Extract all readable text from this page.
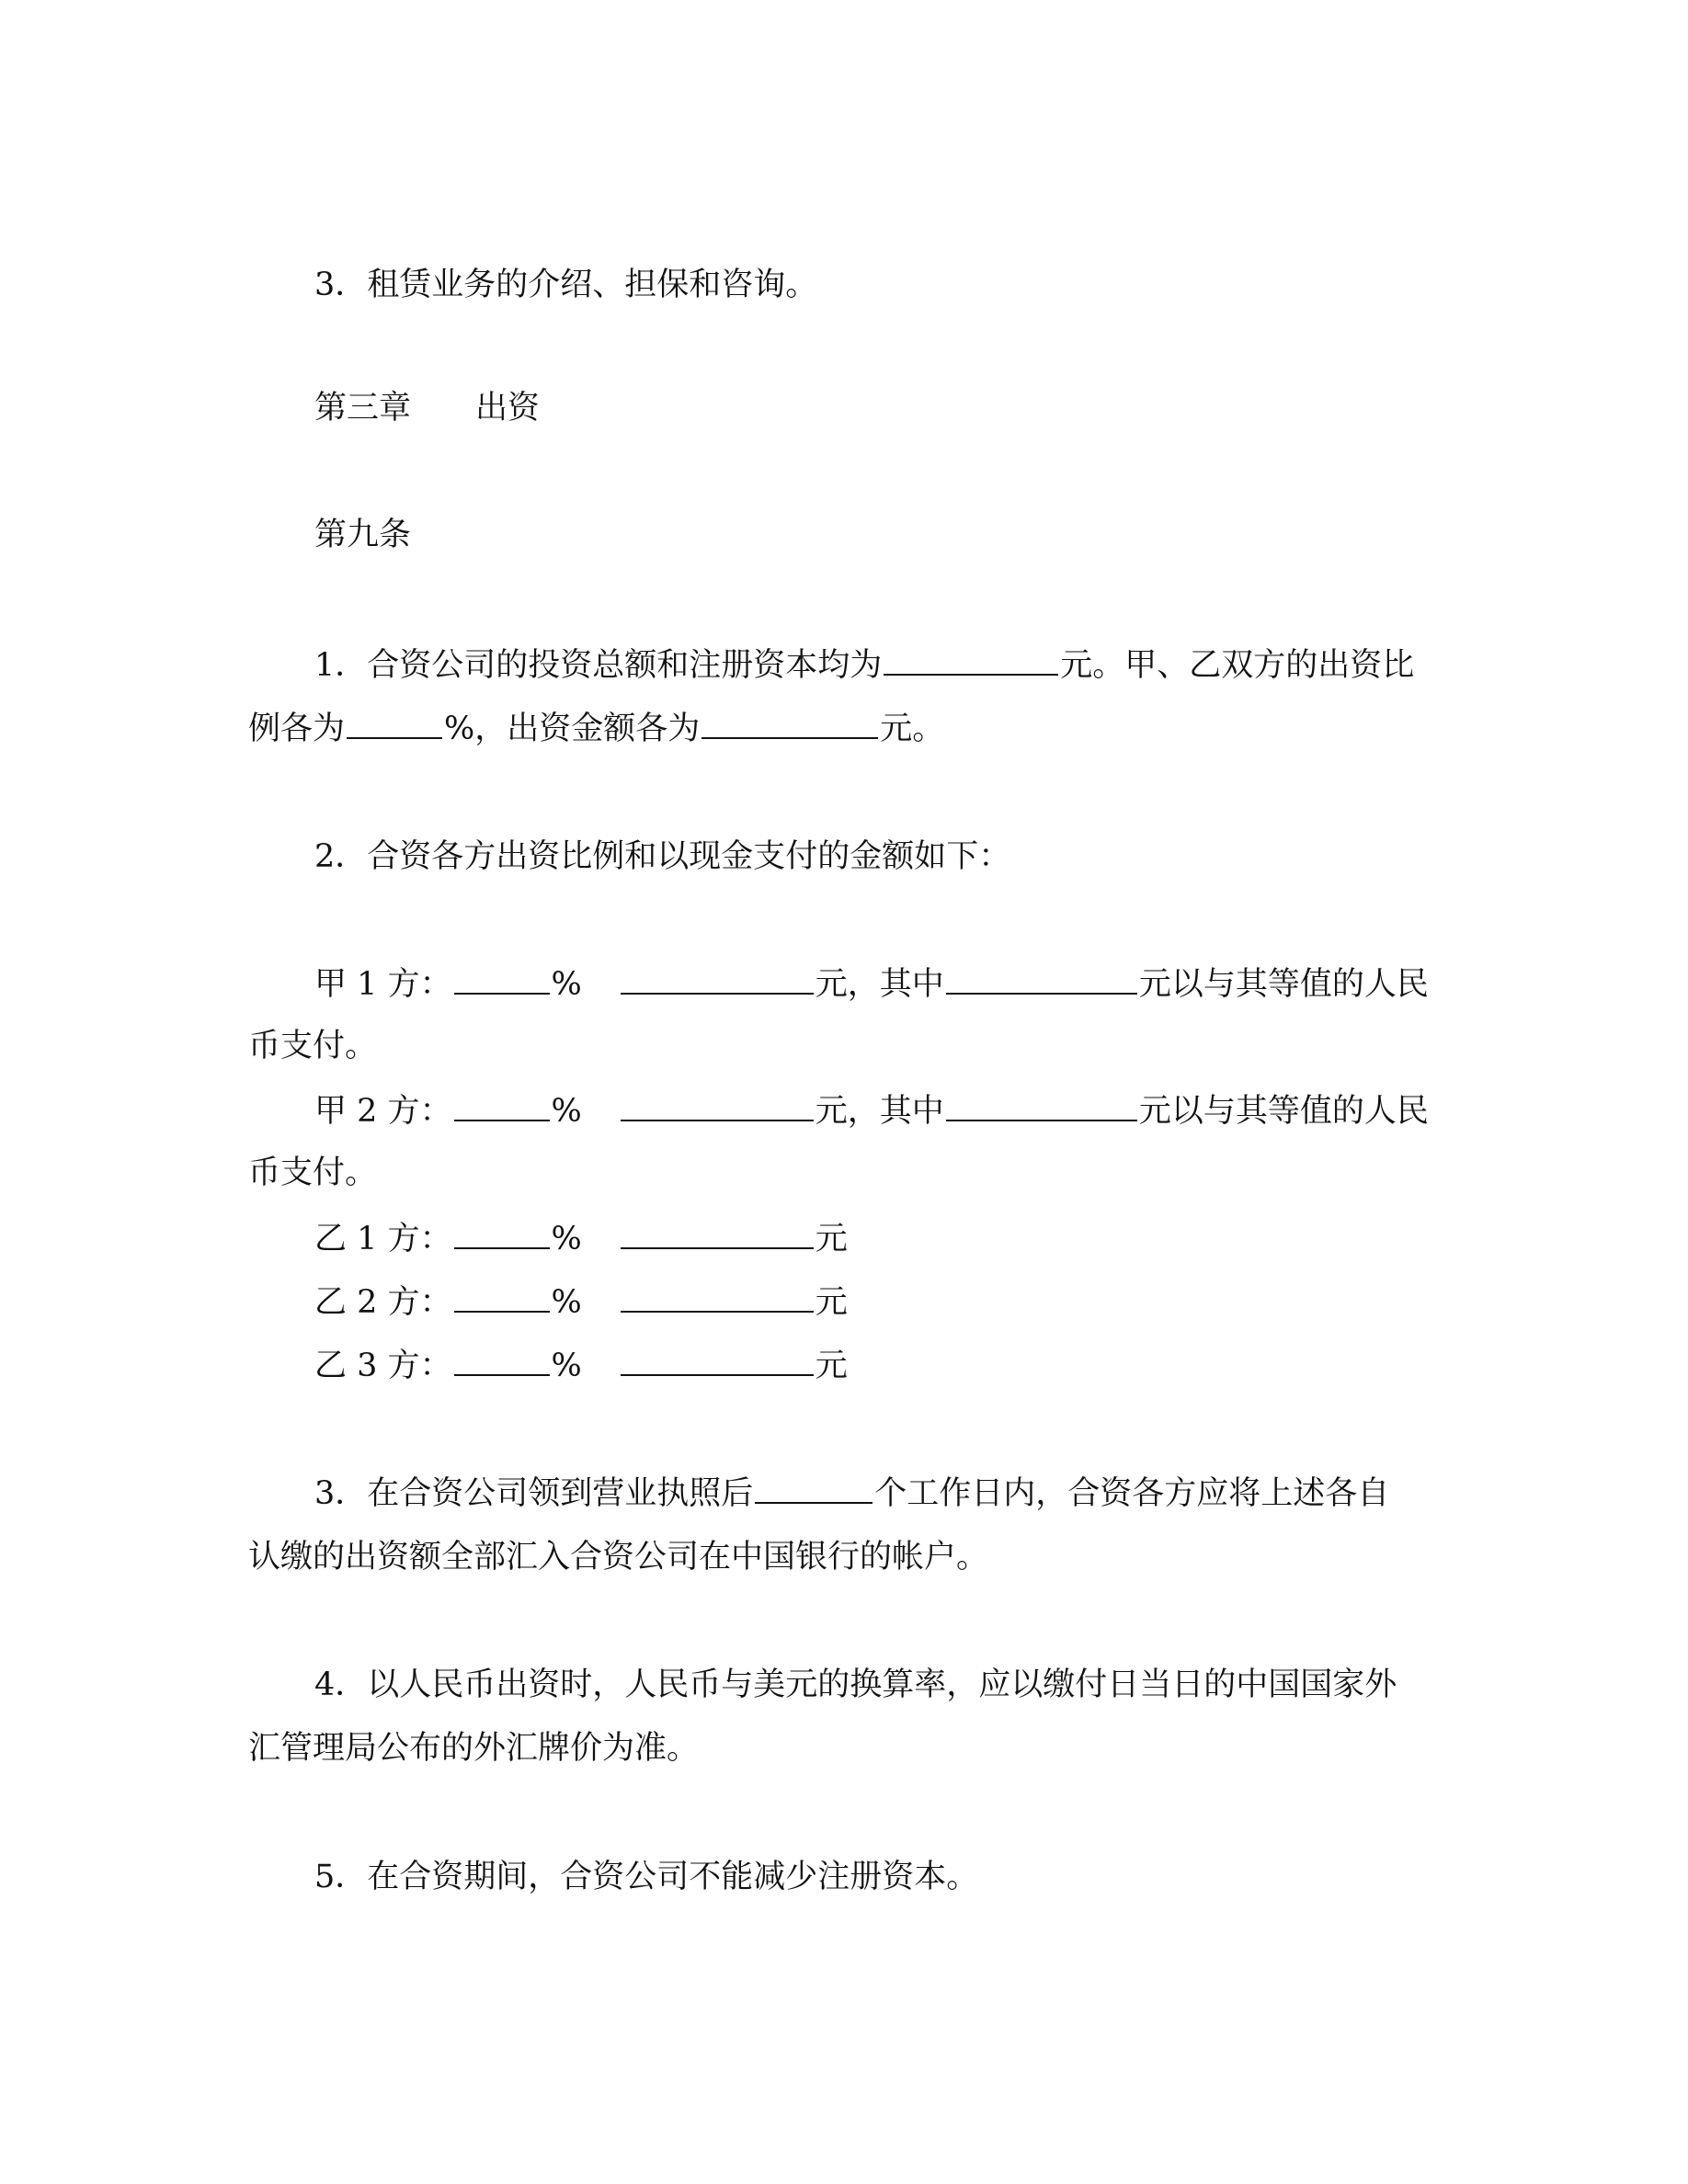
3．租赁业务的介绍、担保和咨询。
第三章 出资
第九条
1．合资公司的投资总额和注册资本均为	元。甲、乙双方的出资比
例各为	%，出资金额各为	元。
2．合资各方出资比例和以现金支付的金额如下：
甲 1 方：	%	元，其中	元以与其等值的人民
币支付。
甲 2 方：	%	元，其中	元以与其等值的人民
币支付。
乙 1 方：	%	元
乙 2 方：	%	元
乙 3 方：	%	元
3．在合资公司领到营业执照后	个工作日内，合资各方应将上述各自
认缴的出资额全部汇入合资公司在中国银行的帐户。
4．以人民币出资时，人民币与美元的换算率，应以缴付日当日的中国国家外
汇管理局公布的外汇牌价为准。
5．在合资期间，合资公司不能减少注册资本。
